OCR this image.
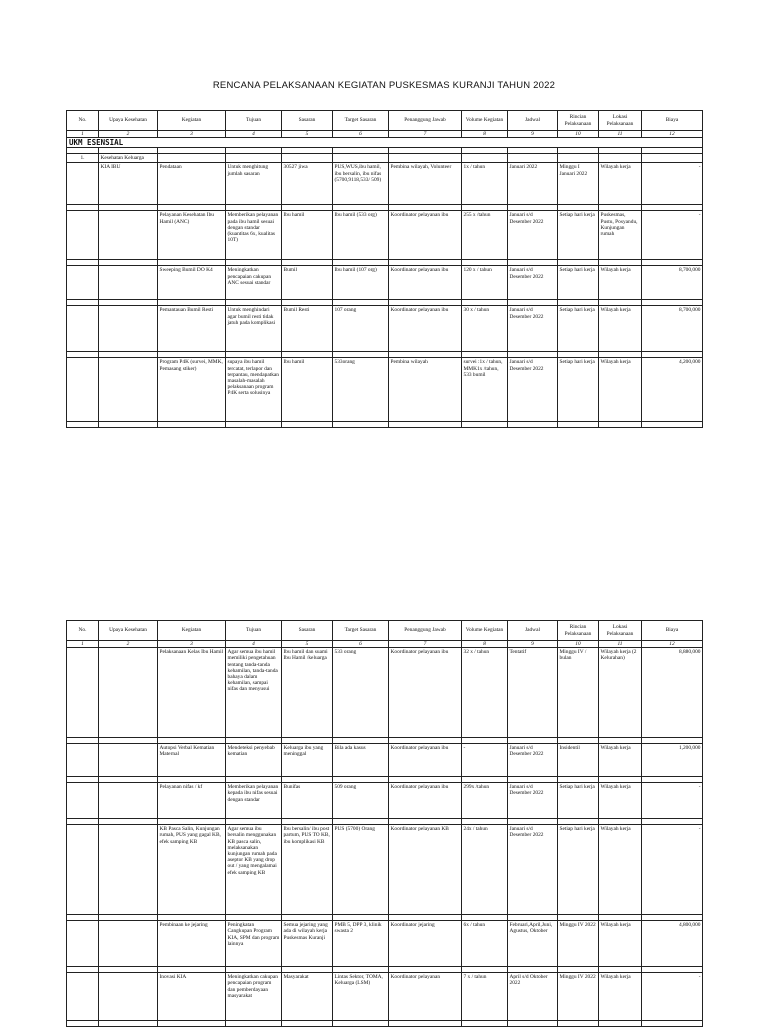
RENCANA PELAKSANAAN KEGIATAN PUSKESMAS KURANJI TAHUN 2022
No.	Upaya Kesehatan	Kegiatan	Tujuan	Sasaran	Target Sasaran	Penanggung Jawab	Volume Kegiatan	Jadwal	Rincian Pelaksanaan	Lokasi Pelaksanaan	Biaya
1	2	3	4	5	6	7	8	9	10	11	12
UKM ESENSIAL											

1.	Kesehatan Keluarga										
	KIA IBU	Pendataan	Untuk menghitung jumlah sasaran	30527 jiwa	PUS,WUS,ibu hamil, ibu bersalin, ibu nifas (5700,9118,533/ 509)	Pembina wilayah, Volunteer	1x / tahun	Januari 2022	Minggu I Januari 2022	Wilayah kerja	-

		Pelayanan Kesehatan Ibu Hamil (ANC)	Memberikan pelayanan pada ibu hamil sesuai dengan standar (kuantitas 6x, kualitas 10T)	Ibu hamil	Ibu hamil (533 org)	Koordinator pelayanan ibu	255 x /tahun	Januari s/d Desember 2022	Setiap hari kerja	Puskesmas, Pustu, Posyandu, Kunjungan rumah	-

		Sweeping Bumil DO K4	Meningkatkan pencapaian cakupan ANC sesuai standar	Bumil	Ibu hamil (107 org)	Koordinator pelayanan ibu	120 x / tahun	Januari s/d Desember 2022	Setiap hari kerja	Wilayah kerja	8,700,000

		Pemantauan Bumil Resti	Untuk menghindari agar bumil resti tidak jatuh pada komplikasi	Bumil Resti	107 orang	Koordinator pelayanan ibu	30 x / tahun	Januari s/d Desember 2022	Setiap hari kerja	Wilayah kerja	8,700,000

		Program P4K (survei, MMK, Pemasang stiker)	supaya ibu hamil tercatat, terlapor dan terpantau, mendapatkan masalah-masalah pelaksanaan program P4K serta solusinya	Ibu hamil	533orang	Pembina wilayah	survei :1x / tahun, MMK1x /tahun, 533 bumil	Januari s/d Desember 2022	Setiap hari kerja	Wilayah kerja	4,200,000

No.	Upaya Kesehatan	Kegiatan	Tujuan	Sasaran	Target Sasaran	Penanggung Jawab	Volume Kegiatan	Jadwal	Rincian Pelaksanaan	Lokasi Pelaksanaan	Biaya
1	2	3	4	5	6	7	8	9	10	11	12
		Pelaksanaan Kelas Ibu Hamil	Agar semua ibu hamil memiliki pengetahuan tentang tanda-tanda kehamilan, tanda-tanda bahaya dalam kehamilan, sampai nifas dan menyusui	Ibu hamil dan suami Ibu Hamil /keluarga	533 orang	Koordinator pelayanan ibu	32 x / tahun	Tentatif	Minggu IV / bulan	Wilayah kerja (2 Kelurahan)	8,880,000

		Autopsi Verbal Kematian Maternal	Mendeteksi penyebab kematian	Keluarga ibu yang meninggal	Bila ada kasus	Koordinator pelayanan ibu	-	Januari s/d Desember 2022	Insidentil	Wilayah kerja	1,200,000

		Pelayanan nifas / kf	Memberikan pelayanan kepada ibu nifas sesuai dengan standar	Bunifas	509 orang	Koordinator pelayanan ibu	299x /tahun	Januari s/d Desember 2022	Setiap hari kerja	Wilayah kerja	-

		KB Pasca Salin, Kunjungan rumah, PUS yang gagal KB, efek samping KB	Agar semua ibu bersalin menggunakan KB pasca salin, melaksanakan kunjungan rumah pada aseptor KB yang drop out / yang mengalamai efek samping KB	Ibu bersalin/ ibu post partum, PUS TO KB, ibu komplikasi KB	PUS (5700) Orang	Koordinator pelayanan KB	24x / tahun	Januari s/d Desember 2022	Setiap hari kerja	Wilayah kerja	-

		Pembinaan ke jejaring	Peningkatan Cangkupan Program KIA, SPM dan program lainnya	Semua jejaring yang ada di wilayah kerja Puskesmas Kuranji	PMB 5, DPP 3, klinik swasta 2	Koordinator jejaring	6x / tahun	Februari,April,Juni,Agustus, Oktober	Minggu IV 2022	Wilayah kerja	4,800,000

		Inovasi KIA	Meningkatkan cakupan pencapaian program dan pemberdayaan masyarakat	Masyarakat	Lintas Sektor, TOMA, Keluarga (LSM)	Koordinator pelayanan	7 x / tahun	April s/d Oktober 2022	Minggu IV 2022	Wilayah kerja	-
